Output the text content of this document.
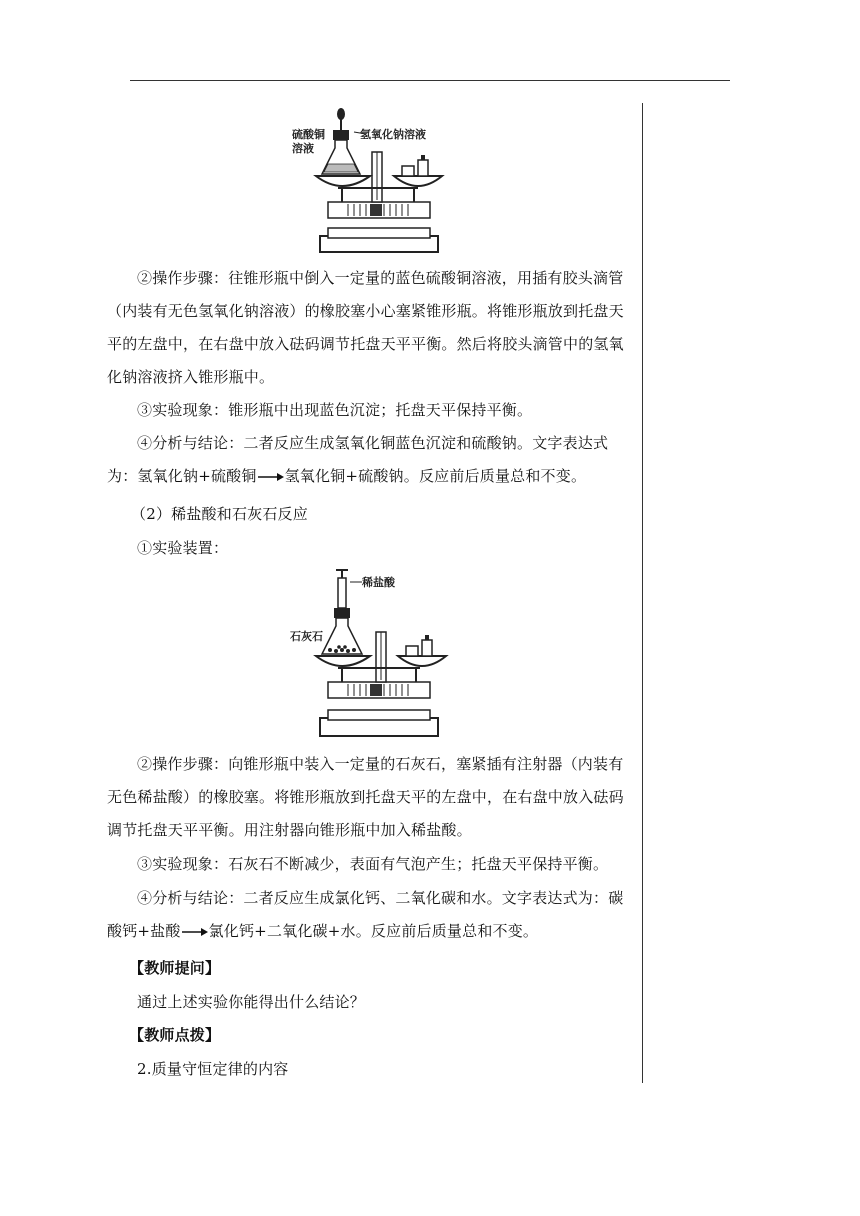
硫酸铜
溶液
氢氧化钠溶液

②操作步骤：往锥形瓶中倒入一定量的蓝色硫酸铜溶液，用插有胶头滴管（内装有无色氢氧化钠溶液）的橡胶塞小心塞紧锥形瓶。将锥形瓶放到托盘天平的左盘中，在右盘中放入砝码调节托盘天平平衡。然后将胶头滴管中的氢氧化钠溶液挤入锥形瓶中。

③实验现象：锥形瓶中出现蓝色沉淀；托盘天平保持平衡。

④分析与结论：二者反应生成氢氧化铜蓝色沉淀和硫酸钠。文字表达式为：氢氧化钠+硫酸铜→氢氧化铜+硫酸钠。反应前后质量总和不变。

（2）稀盐酸和石灰石反应

①实验装置：

稀盐酸
石灰石

②操作步骤：向锥形瓶中装入一定量的石灰石，塞紧插有注射器（内装有无色稀盐酸）的橡胶塞。将锥形瓶放到托盘天平的左盘中，在右盘中放入砝码调节托盘天平平衡。用注射器向锥形瓶中加入稀盐酸。

③实验现象：石灰石不断减少，表面有气泡产生；托盘天平保持平衡。

④分析与结论：二者反应生成氯化钙、二氧化碳和水。文字表达式为：碳酸钙+盐酸→氯化钙+二氧化碳+水。反应前后质量总和不变。

【教师提问】

通过上述实验你能得出什么结论？

【教师点拨】

2.质量守恒定律的内容
